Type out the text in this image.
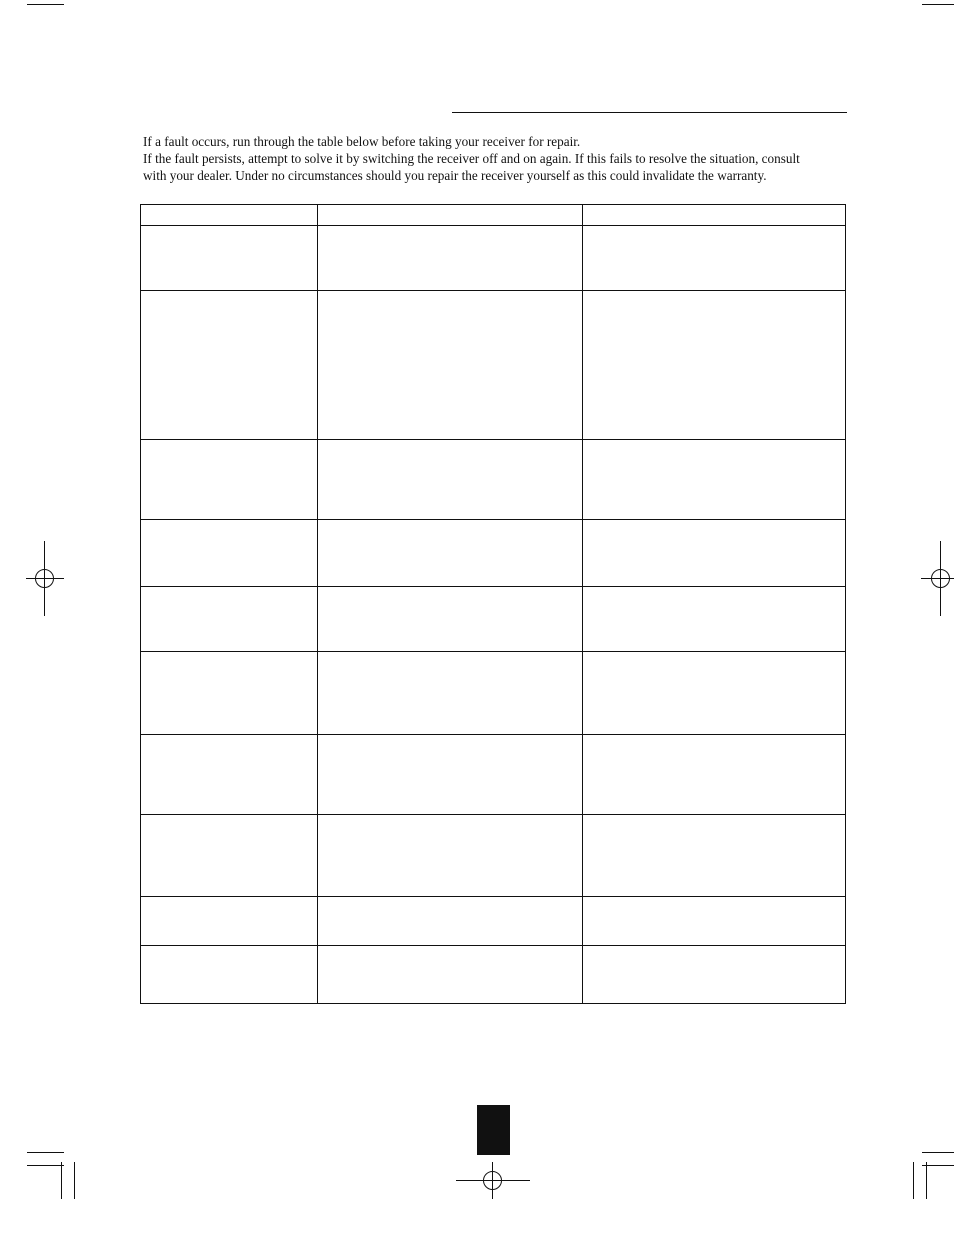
If a fault occurs, run through the table below before taking your receiver for repair.

If the fault persists, attempt to solve it by switching the receiver off and on again. If this fails to resolve the situation, consult

with your dealer. Under no circumstances should you repair the receiver yourself as this could invalidate the warranty.
